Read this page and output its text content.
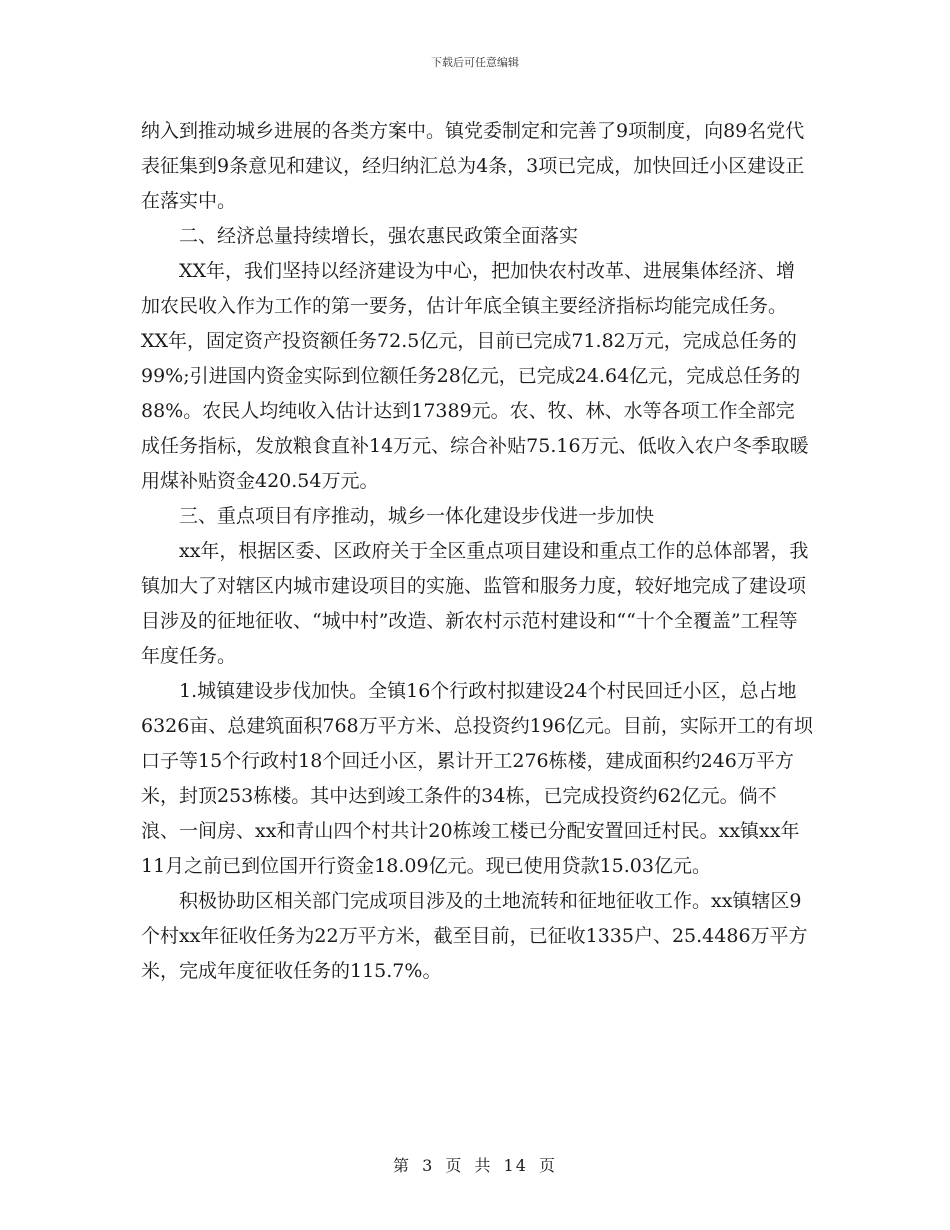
下载后可任意编辑

纳入到推动城乡进展的各类方案中。镇党委制定和完善了9项制度，向89名党代表征集到9条意见和建议，经归纳汇总为4条，3项已完成，加快回迁小区建设正在落实中。

二、经济总量持续增长，强农惠民政策全面落实

XX年，我们坚持以经济建设为中心，把加快农村改革、进展集体经济、增加农民收入作为工作的第一要务，估计年底全镇主要经济指标均能完成任务。XX年，固定资产投资额任务72.5亿元，目前已完成71.82万元，完成总任务的99%;引进国内资金实际到位额任务28亿元，已完成24.64亿元，完成总任务的88%。农民人均纯收入估计达到17389元。农、牧、林、水等各项工作全部完成任务指标，发放粮食直补14万元、综合补贴75.16万元、低收入农户冬季取暖用煤补贴资金420.54万元。

三、重点项目有序推动，城乡一体化建设步伐进一步加快

xx年，根据区委、区政府关于全区重点项目建设和重点工作的总体部署，我镇加大了对辖区内城市建设项目的实施、监管和服务力度，较好地完成了建设项目涉及的征地征收、“城中村”改造、新农村示范村建设和““十个全覆盖”工程等年度任务。

1.城镇建设步伐加快。全镇16个行政村拟建设24个村民回迁小区，总占地6326亩、总建筑面积768万平方米、总投资约196亿元。目前，实际开工的有坝口子等15个行政村18个回迁小区，累计开工276栋楼，建成面积约246万平方米，封顶253栋楼。其中达到竣工条件的34栋，已完成投资约62亿元。倘不浪、一间房、xx和青山四个村共计20栋竣工楼已分配安置回迁村民。xx镇xx年11月之前已到位国开行资金18.09亿元。现已使用贷款15.03亿元。

积极协助区相关部门完成项目涉及的土地流转和征地征收工作。xx镇辖区9个村xx年征收任务为22万平方米，截至目前，已征收1335户、25.4486万平方米，完成年度征收任务的115.7%。

第 3 页 共 14 页
